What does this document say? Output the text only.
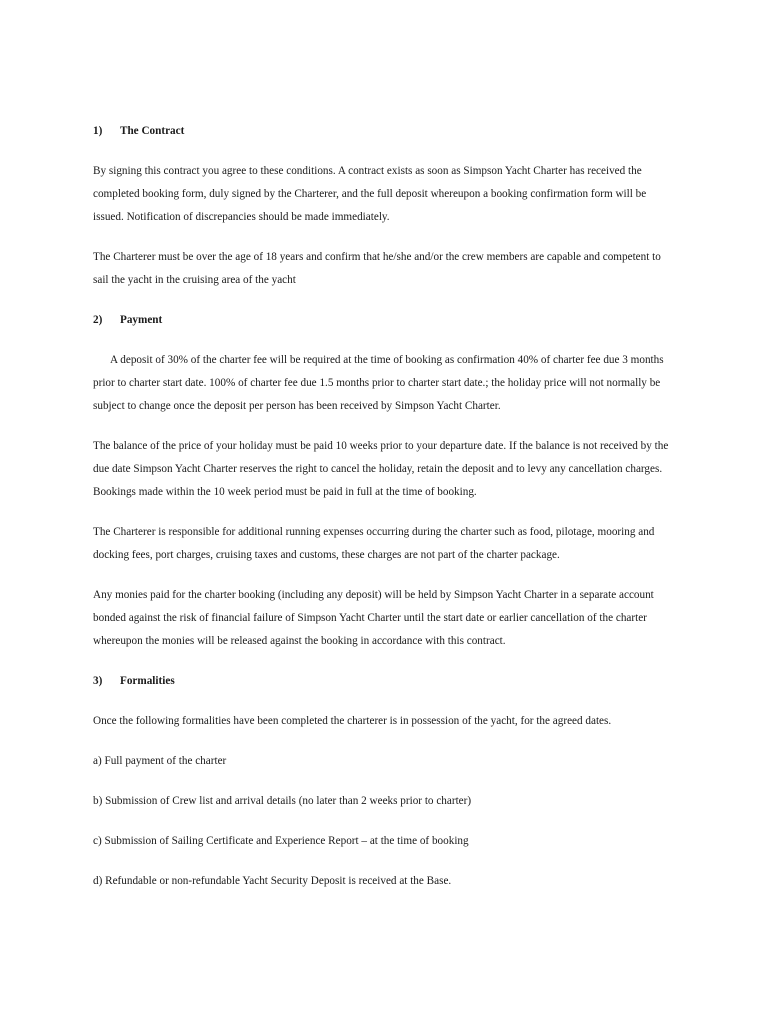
1)	The Contract

By signing this contract you agree to these conditions. A contract exists as soon as Simpson Yacht Charter has received the completed booking form, duly signed by the Charterer, and the full deposit whereupon a booking confirmation form will be issued. Notification of discrepancies should be made immediately.

The Charterer must be over the age of 18 years and confirm that he/she and/or the crew members are capable and competent to sail the yacht in the cruising area of the yacht

2)	Payment

A deposit of 30% of the charter fee will be required at the time of booking as confirmation 40% of charter fee due 3 months prior to charter start date. 100% of charter fee due 1.5 months prior to charter start date.; the holiday price will not normally be subject to change once the deposit per person has been received by Simpson Yacht Charter.

The balance of the price of your holiday must be paid 10 weeks prior to your departure date. If the balance is not received by the due date Simpson Yacht Charter reserves the right to cancel the holiday, retain the deposit and to levy any cancellation charges. Bookings made within the 10 week period must be paid in full at the time of booking.

The Charterer is responsible for additional running expenses occurring during the charter such as food, pilotage, mooring and docking fees, port charges, cruising taxes and customs, these charges are not part of the charter package.

Any monies paid for the charter booking (including any deposit) will be held by Simpson Yacht Charter in a separate account bonded against the risk of financial failure of Simpson Yacht Charter until the start date or earlier cancellation of the charter whereupon the monies will be released against the booking in accordance with this contract.

3)	Formalities

Once the following formalities have been completed the charterer is in possession of the yacht, for the agreed dates.

a) Full payment of the charter

b) Submission of Crew list and arrival details (no later than 2 weeks prior to charter)

c) Submission of Sailing Certificate and Experience Report – at the time of booking

d) Refundable or non-refundable Yacht Security Deposit is received at the Base.
